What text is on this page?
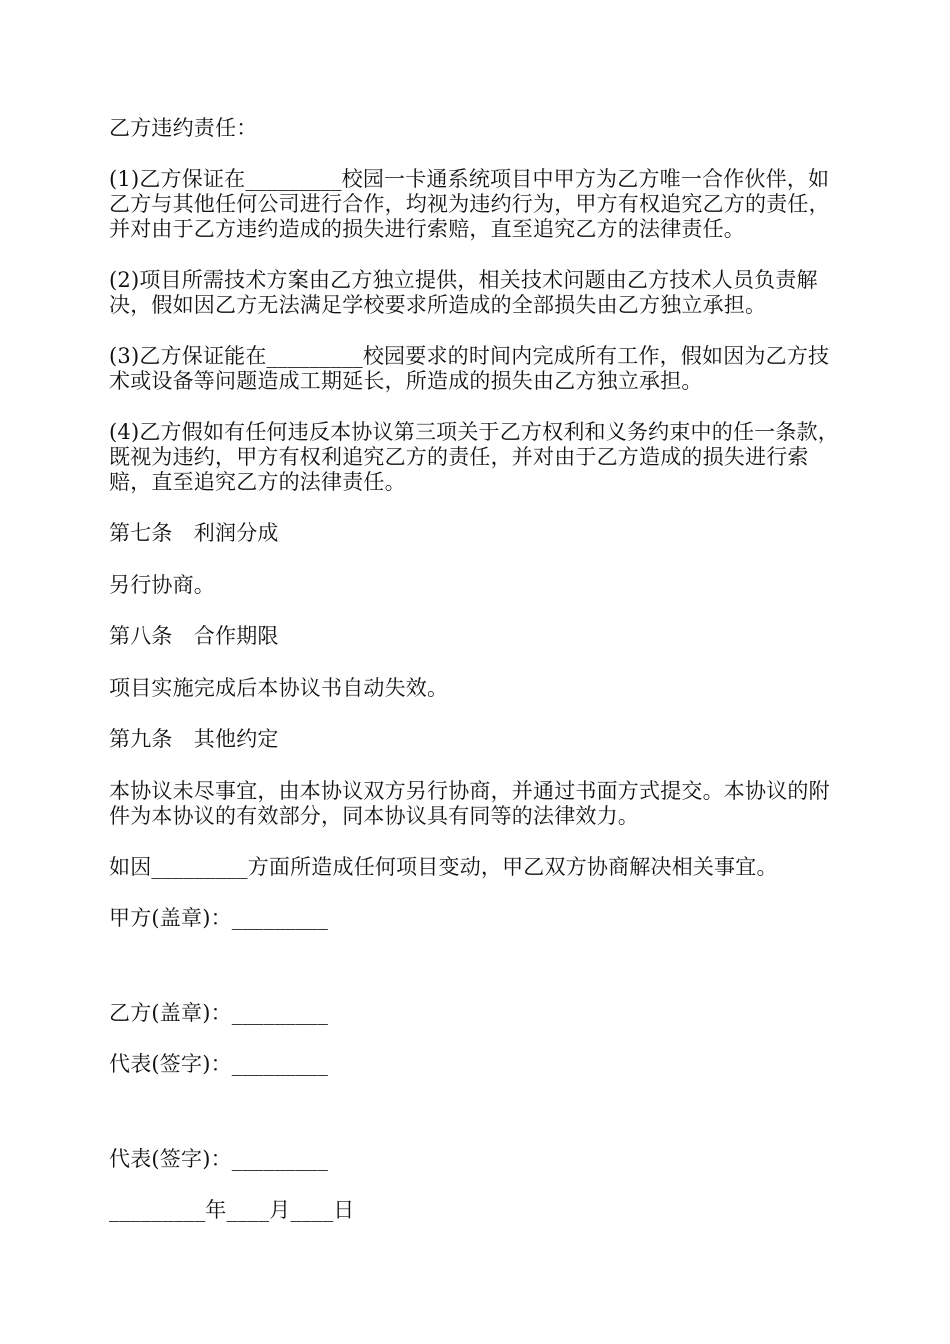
乙方违约责任：

(1)乙方保证在_________校园一卡通系统项目中甲方为乙方唯一合作伙伴，如乙方与其他任何公司进行合作，均视为违约行为，甲方有权追究乙方的责任，并对由于乙方违约造成的损失进行索赔，直至追究乙方的法律责任。

(2)项目所需技术方案由乙方独立提供，相关技术问题由乙方技术人员负责解决，假如因乙方无法满足学校要求所造成的全部损失由乙方独立承担。

(3)乙方保证能在_________校园要求的时间内完成所有工作，假如因为乙方技术或设备等问题造成工期延长，所造成的损失由乙方独立承担。

(4)乙方假如有任何违反本协议第三项关于乙方权利和义务约束中的任一条款，既视为违约，甲方有权利追究乙方的责任，并对由于乙方造成的损失进行索赔，直至追究乙方的法律责任。

第七条　利润分成

另行协商。

第八条　合作期限

项目实施完成后本协议书自动失效。

第九条　其他约定

本协议未尽事宜，由本协议双方另行协商，并通过书面方式提交。本协议的附件为本协议的有效部分，同本协议具有同等的法律效力。

如因_________方面所造成任何项目变动，甲乙双方协商解决相关事宜。

甲方(盖章)：_________

乙方(盖章)：_________

代表(签字)：_________

代表(签字)：_________

_________年____月____日
